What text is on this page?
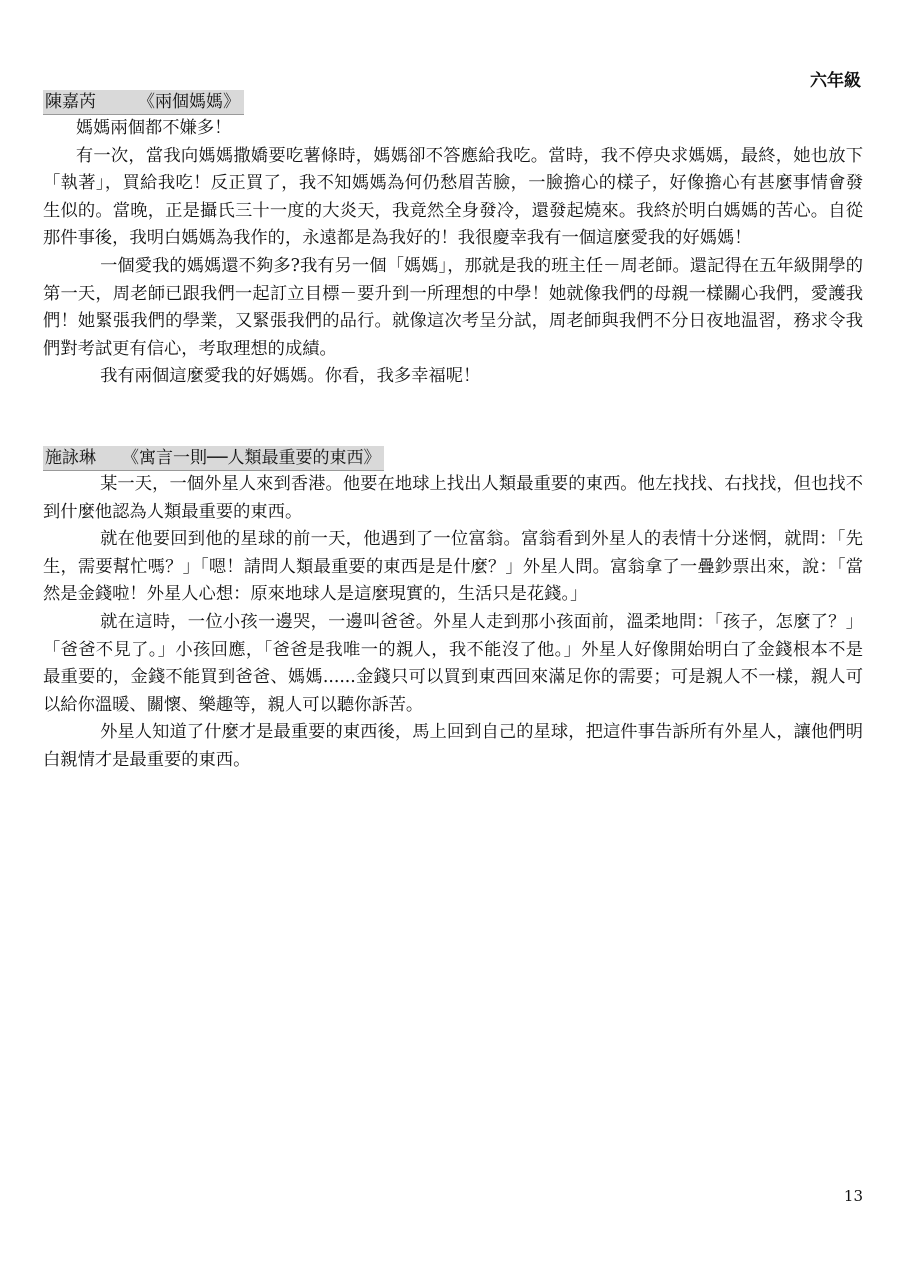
六年級
陳嘉芮 《兩個媽媽》

媽媽兩個都不嫌多！

有一次，當我向媽媽撒嬌要吃薯條時，媽媽卻不答應給我吃。當時，我不停央求媽媽，最終，她也放下「執著」，買給我吃！反正買了，我不知媽媽為何仍愁眉苦臉，一臉擔心的樣子，好像擔心有甚麼事情會發生似的。當晚，正是攝氏三十一度的大炎天，我竟然全身發冷，還發起燒來。我終於明白媽媽的苦心。自從那件事後，我明白媽媽為我作的，永遠都是為我好的！我很慶幸我有一個這麼愛我的好媽媽！

一個愛我的媽媽還不夠多?我有另一個「媽媽」，那就是我的班主任－周老師。還記得在五年級開學的第一天，周老師已跟我們一起訂立目標－要升到一所理想的中學！她就像我們的母親一樣關心我們，愛護我們！她緊張我們的學業，又緊張我們的品行。就像這次考呈分試，周老師與我們不分日夜地温習，務求令我們對考試更有信心，考取理想的成績。

我有兩個這麼愛我的好媽媽。你看，我多幸福呢！

施詠琳 《寓言一則──人類最重要的東西》

某一天，一個外星人來到香港。他要在地球上找出人類最重要的東西。他左找找、右找找，但也找不到什麼他認為人類最重要的東西。

就在他要回到他的星球的前一天，他遇到了一位富翁。富翁看到外星人的表情十分迷惘，就問：「先生，需要幫忙嗎？」「嗯！請問人類最重要的東西是是什麼？」外星人問。富翁拿了一疊鈔票出來，說：「當然是金錢啦！外星人心想：原來地球人是這麼現實的，生活只是花錢。」

就在這時，一位小孩一邊哭，一邊叫爸爸。外星人走到那小孩面前，溫柔地問：「孩子，怎麼了？」「爸爸不見了。」小孩回應，「爸爸是我唯一的親人，我不能沒了他。」外星人好像開始明白了金錢根本不是最重要的，金錢不能買到爸爸、媽媽......金錢只可以買到東西回來滿足你的需要；可是親人不一樣，親人可以給你溫暖、關懷、樂趣等，親人可以聽你訴苦。

外星人知道了什麼才是最重要的東西後，馬上回到自己的星球，把這件事告訴所有外星人，讓他們明白親情才是最重要的東西。

13
